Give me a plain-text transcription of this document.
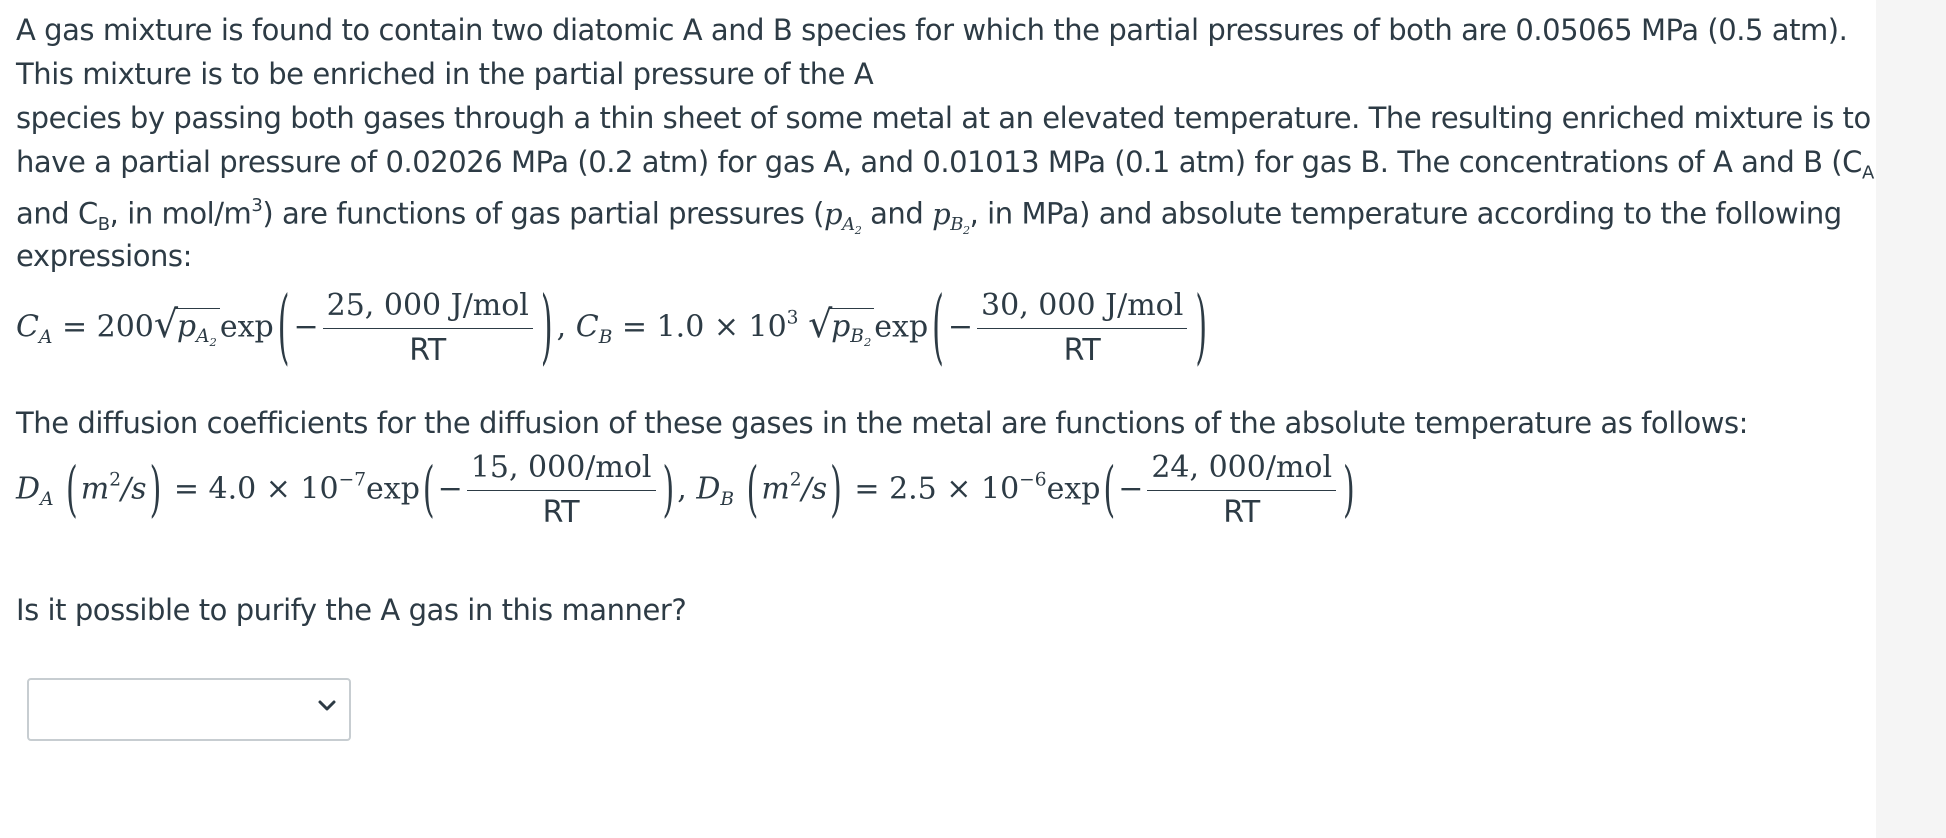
A gas mixture is found to contain two diatomic A and B species for which the partial pressures of both are 0.05065 MPa (0.5 atm).
This mixture is to be enriched in the partial pressure of the A
species by passing both gases through a thin sheet of some metal at an elevated temperature. The resulting enriched mixture is to
have a partial pressure of 0.02026 MPa (0.2 atm) for gas A, and 0.01013 MPa (0.1 atm) for gas B. The concentrations of A and B ($C_A$
and $C_B$, in mol/$m^3$) are functions of gas partial pressures ($p_{A_2}$ and $p_{B_2}$, in MPa) and absolute temperature according to the following
expressions:
$C_A = 200$ √
$p_{A_2}$ exp ( − $\frac{\text{25, 000 J/mol}}{RT}$ ) , $C_B = 1.0 \times 10^3$ √
$p_{B_2}$ exp ( − $\frac{\text{30, 000 J/mol}}{RT}$ )
The diffusion coefficients for the diffusion of these gases in the metal are functions of the absolute temperature as follows:
$D_A$ ( $m^2/s$ ) = $4.0 \times 10^{-7}\exp$ ( − $\frac{\text{15, 000/mol}}{RT}$ ) , $D_B$ ( $m^2/s$ ) = $2.5 \times 10^{-6}\exp$ ( − $\frac{\text{24, 000/mol}}{RT}$ )
Is it possible to purify the A gas in this manner?
